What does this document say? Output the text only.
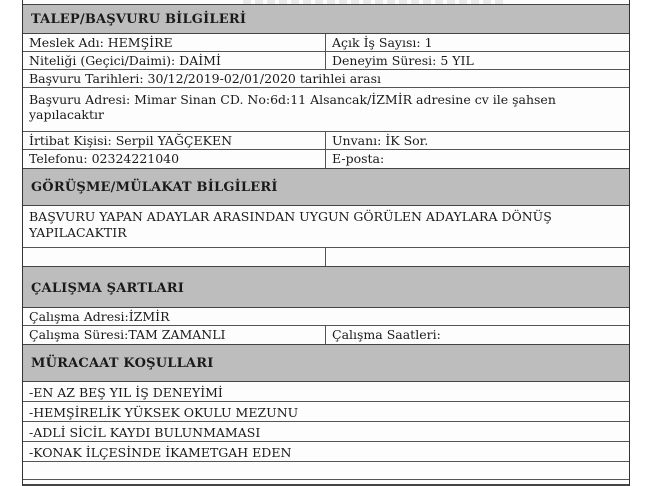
TALEP/BAŞVURU BİLGİLERİ
Meslek Adı: HEMŞİRE	Açık İş Sayısı: 1
Niteliği (Geçici/Daimi): DAİMİ	Deneyim Süresi: 5 YIL
Başvuru Tarihleri: 30/12/2019-02/01/2020 tarihlei arası
Başvuru Adresi: Mimar Sinan CD. No:6d:11 Alsancak/İZMİR adresine cv ile şahsen yapılacaktır
İrtibat Kişisi: Serpil YAĞÇEKEN	Unvanı: İK Sor.
Telefonu: 02324221040	E-posta:
GÖRÜŞME/MÜLAKAT BİLGİLERİ
BAŞVURU YAPAN ADAYLAR ARASINDAN UYGUN GÖRÜLEN ADAYLARA DÖNÜŞ YAPILACAKTIR
ÇALIŞMA ŞARTLARI
Çalışma Adresi:İZMİR
Çalışma Süresi:TAM ZAMANLI	Çalışma Saatleri:
MÜRACAAT KOŞULLARI
-EN AZ BEŞ YIL İŞ DENEYİMİ
-HEMŞİRELİK YÜKSEK OKULU MEZUNU
-ADLİ SİCİL KAYDI BULUNMAMASI
-KONAK İLÇESİNDE İKAMETGAH EDEN
